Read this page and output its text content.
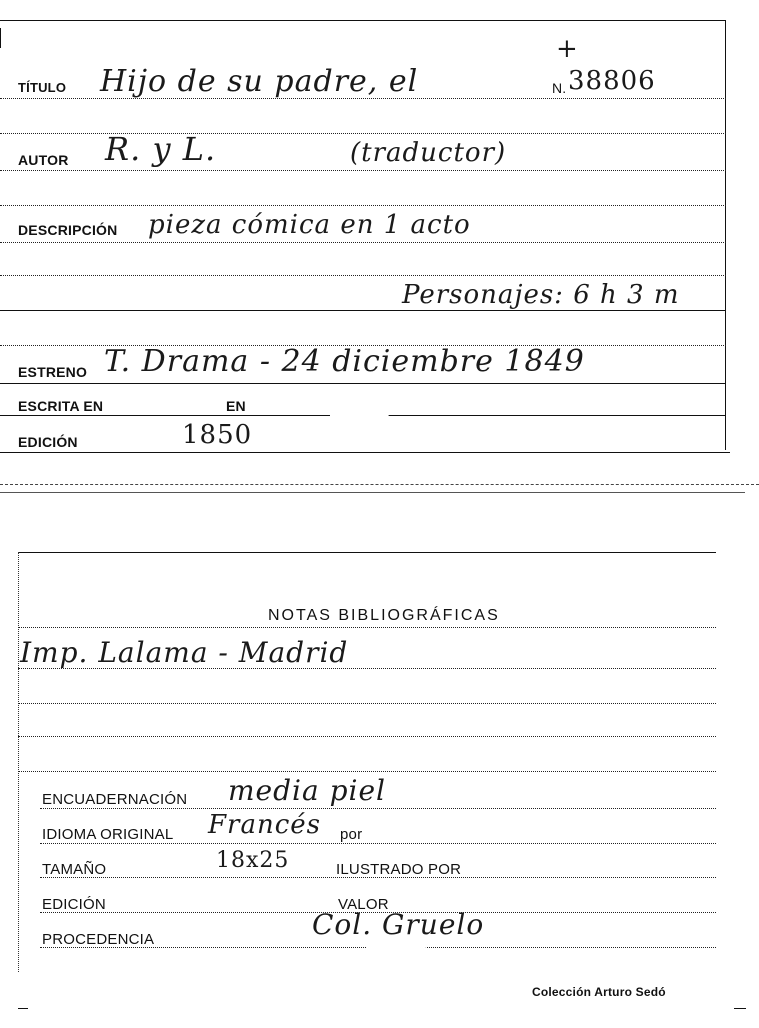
+
TÍTULO Hijo de su padre, el	N. 38806
AUTOR R. y L.	(traductor)
DESCRIPCIÓN pieza cómica en 1 acto
Personajes: 6 h 3 m
ESTRENO T. Drama - 24 diciembre 1849
ESCRITA EN	EN
EDICIÓN	1850
NOTAS BIBLIOGRÁFICAS
Imp. Lalama - Madrid
ENCUADERNACIÓN media piel
IDIOMA ORIGINAL Francés por
TAMAÑO	18x25	ILUSTRADO POR
EDICIÓN	VALOR
PROCEDENCIA	Col. Gruelo
Colección Arturo Sedó
